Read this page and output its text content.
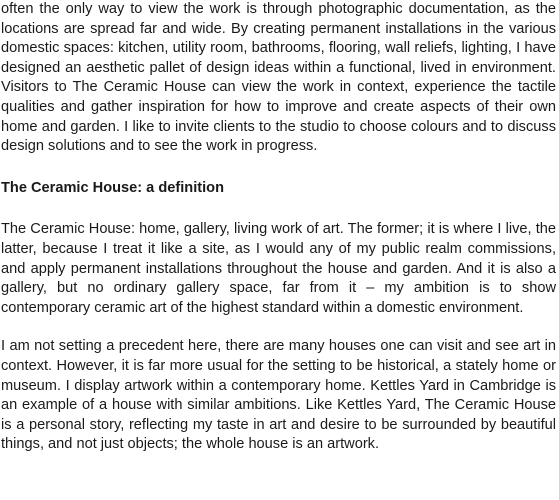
often the only way to view the work is through photographic documentation, as the locations are spread far and wide. By creating permanent installations in the various domestic spaces: kitchen, utility room, bathrooms, flooring, wall reliefs, lighting, I have designed an aesthetic pallet of design ideas within a functional, lived in environment. Visitors to The Ceramic House can view the work in context, experience the tactile qualities and gather inspiration for how to improve and create aspects of their own home and garden. I like to invite clients to the studio to choose colours and to discuss design solutions and to see the work in progress.

The Ceramic House: a definition

The Ceramic House: home, gallery, living work of art. The former; it is where I live, the latter, because I treat it like a site, as I would any of my public realm commissions, and apply permanent installations throughout the house and garden. And it is also a gallery, but no ordinary gallery space, far from it – my ambition is to show contemporary ceramic art of the highest standard within a domestic environment.

I am not setting a precedent here, there are many houses one can visit and see art in context. However, it is far more usual for the setting to be historical, a stately home or museum. I display artwork within a contemporary home. Kettles Yard in Cambridge is an example of a house with similar ambitions. Like Kettles Yard, The Ceramic House is a personal story, reflecting my taste in art and desire to be surrounded by beautiful things, and not just objects; the whole house is an artwork.
